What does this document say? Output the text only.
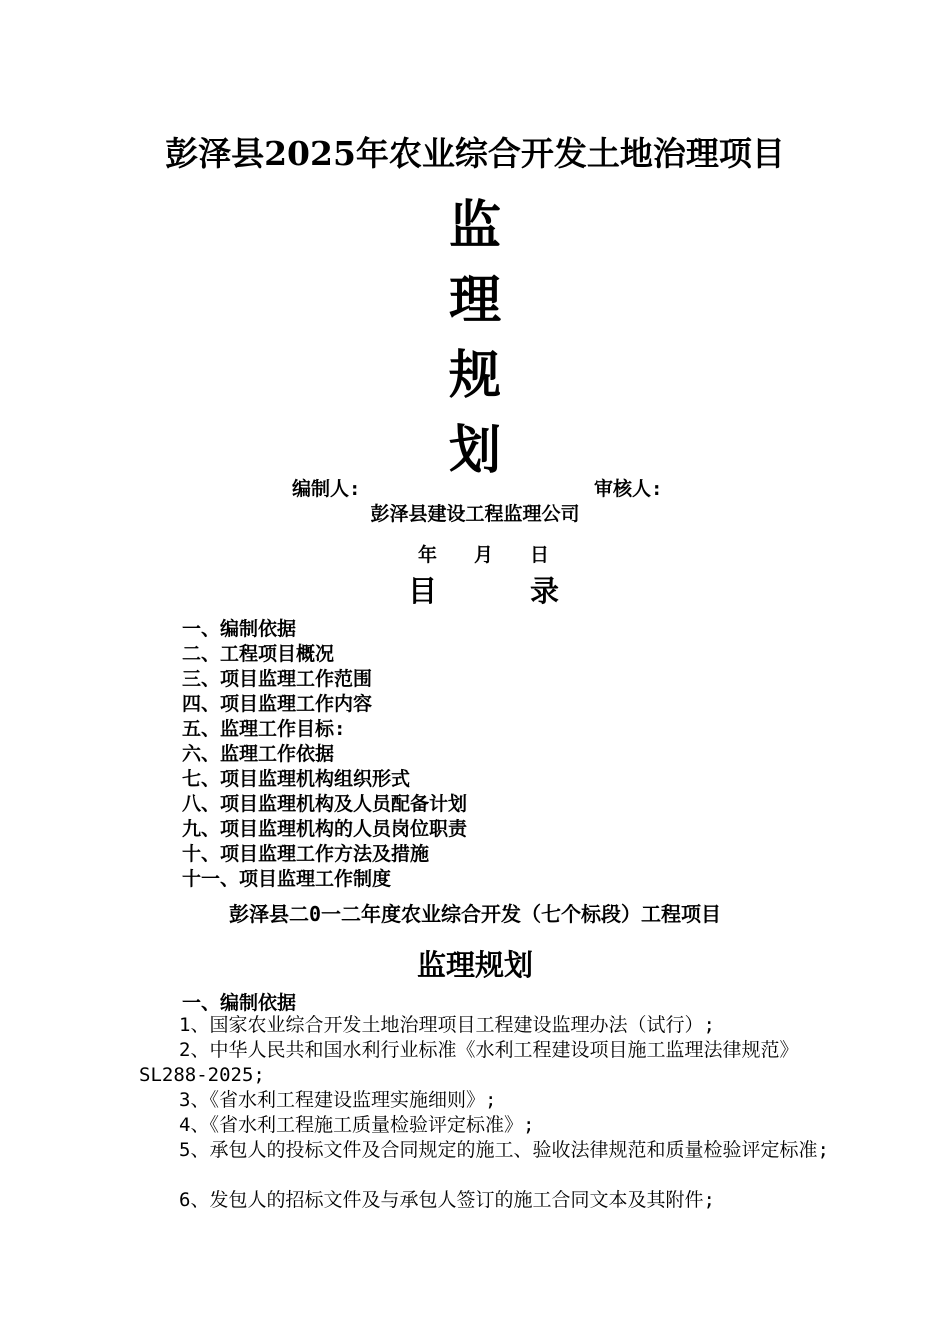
彭泽县2025年农业综合开发土地治理项目
监
理
规
划
编制人:	审核人:
彭泽县建设工程监理公司
年 月 日
目	录
一、编制依据
二、工程项目概况
三、项目监理工作范围
四、项目监理工作内容
五、监理工作目标:
六、监理工作依据
七、项目监理机构组织形式
八、项目监理机构及人员配备计划
九、项目监理机构的人员岗位职责
十、项目监理工作方法及措施
十一、项目监理工作制度
彭泽县二0一二年度农业综合开发（七个标段）工程项目
监理规划
一、编制依据

1、国家农业综合开发土地治理项目工程建设监理办法（试行）;

2、中华人民共和国水利行业标准《水利工程建设项目施工监理法律规范》SL288-2025;

3、《省水利工程建设监理实施细则》;

4、《省水利工程施工质量检验评定标准》;

5、承包人的投标文件及合同规定的施工、验收法律规范和质量检验评定标准;

6、发包人的招标文件及与承包人签订的施工合同文本及其附件;
